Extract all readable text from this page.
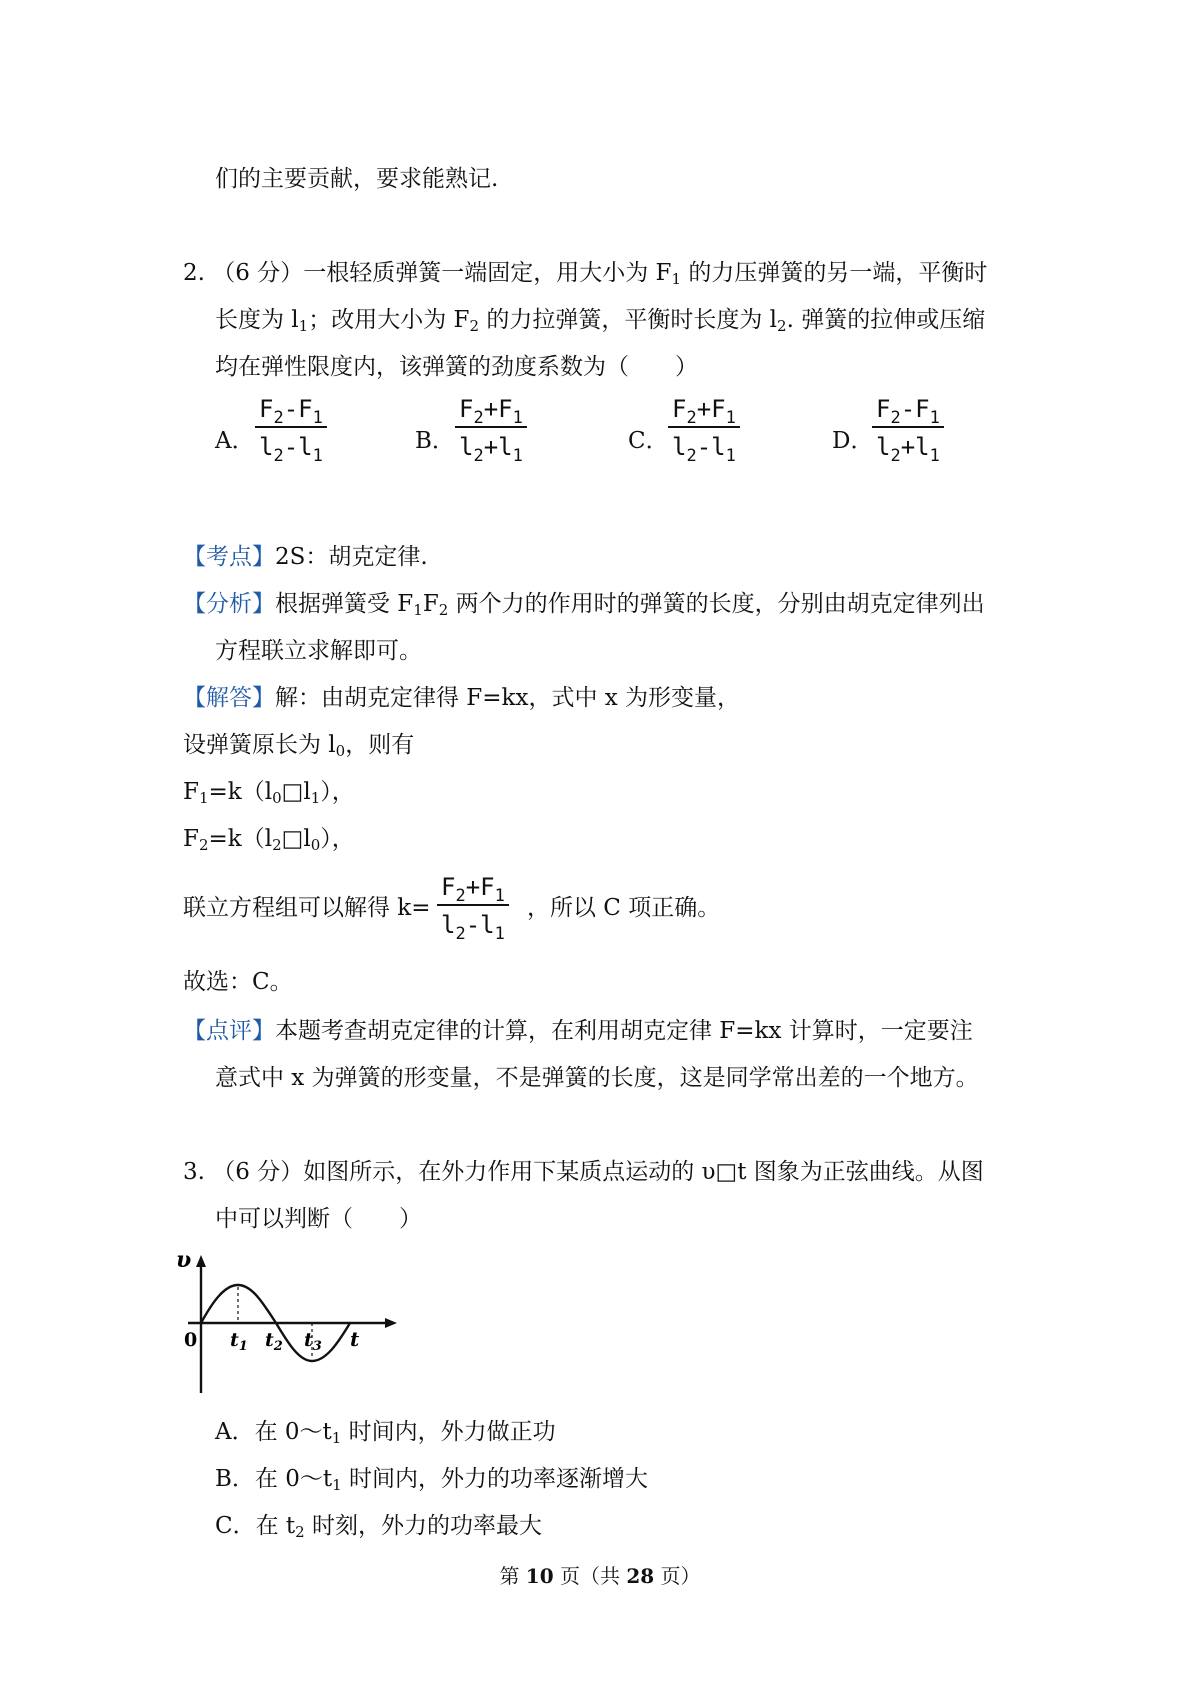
们的主要贡献，要求能熟记.
2. （6 分）一根轻质弹簧一端固定，用大小为 $F_1$ 的力压弹簧的另一端，平衡时
长度为 $l_1$；改用大小为 $F_2$ 的力拉弹簧，平衡时长度为 $l_2$. 弹簧的拉伸或压缩
均在弹性限度内，该弹簧的劲度系数为（　　）
A．
$F_2-F_1$
$l_2-l_1$
B．
$F_2+F_1$
$l_2+l_1$
C．
$F_2+F_1$
$l_2-l_1$
D．
$F_2-F_1$
$l_2+l_1$
【考点】2S：胡克定律.
【分析】根据弹簧受 $F_1F_2$ 两个力的作用时的弹簧的长度，分别由胡克定律列出
方程联立求解即可。
【解答】解：由胡克定律得 F=kx，式中 x 为形变量，
设弹簧原长为 $l_0$，则有
$F_1=k(l_0□l_1)$，
$F_2=k(l_2□l_0)$，
联立方程组可以解得 k=
$F_2+F_1$
$l_2-l_1$
，所以 C 项正确。
故选：C。
【点评】本题考查胡克定律的计算，在利用胡克定律 F=kx 计算时，一定要注
意式中 x 为弹簧的形变量，不是弹簧的长度，这是同学常出差的一个地方。
3. （6 分）如图所示，在外力作用下某质点运动的 υ□t 图象为正弦曲线。从图
中可以判断（　　）
υ
t
0 $t_1$ $t_2$ $t_3$
A．在 $0\sim t_1$ 时间内，外力做正功
B．在 $0\sim t_1$ 时间内，外力的功率逐渐增大
C．在 $t_2$ 时刻，外力的功率最大
第 10 页（共 28 页）
